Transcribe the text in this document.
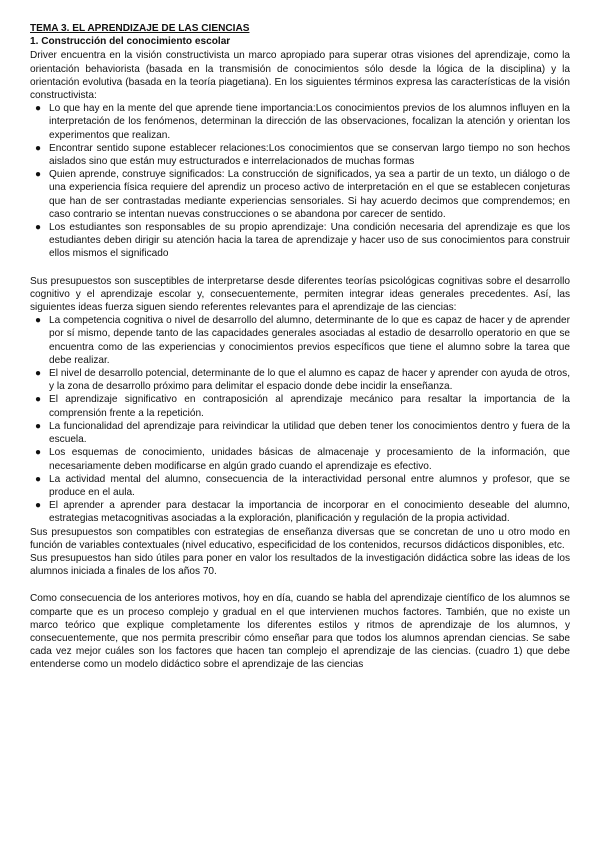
TEMA 3. EL APRENDIZAJE DE LAS CIENCIAS

1. Construcción del conocimiento escolar

Driver encuentra en la visión constructivista un marco apropiado para superar otras visiones del aprendizaje, como la orientación behaviorista (basada en la transmisión de conocimientos sólo desde la lógica de la disciplina) y la orientación evolutiva (basada en la teoría piagetiana). En los siguientes términos expresa las características de la visión constructivista:

● Lo que hay en la mente del que aprende tiene importancia:Los conocimientos previos de los alumnos influyen en la interpretación de los fenómenos, determinan la dirección de las observaciones, focalizan la atención y orientan los experimentos que realizan.
● Encontrar sentido supone establecer relaciones:Los conocimientos que se conservan largo tiempo no son hechos aislados sino que están muy estructurados e interrelacionados de muchas formas
● Quien aprende, construye significados: La construcción de significados, ya sea a partir de un texto, un diálogo o de una experiencia física requiere del aprendiz un proceso activo de interpretación en el que se establecen conjeturas que han de ser contrastadas mediante experiencias sensoriales. Si hay acuerdo decimos que comprendemos; en caso contrario se intentan nuevas construcciones o se abandona por carecer de sentido.
● Los estudiantes son responsables de su propio aprendizaje: Una condición necesaria del aprendizaje es que los estudiantes deben dirigir su atención hacia la tarea de aprendizaje y hacer uso de sus conocimientos para construir ellos mismos el significado

Sus presupuestos son susceptibles de interpretarse desde diferentes teorías psicológicas cognitivas sobre el desarrollo cognitivo y el aprendizaje escolar y, consecuentemente, permiten integrar ideas generales precedentes. Así, las siguientes ideas fuerza siguen siendo referentes relevantes para el aprendizaje de las ciencias:

● La competencia cognitiva o nivel de desarrollo del alumno, determinante de lo que es capaz de hacer y de aprender por sí mismo, depende tanto de las capacidades generales asociadas al estadio de desarrollo operatorio en que se encuentra como de las experiencias y conocimientos previos específicos que tiene el alumno sobre la tarea que debe realizar.
● El nivel de desarrollo potencial, determinante de lo que el alumno es capaz de hacer y aprender con ayuda de otros, y la zona de desarrollo próximo para delimitar el espacio donde debe incidir la enseñanza.
● El aprendizaje significativo en contraposición al aprendizaje mecánico para resaltar la importancia de la comprensión frente a la repetición.
● La funcionalidad del aprendizaje para reivindicar la utilidad que deben tener los conocimientos dentro y fuera de la escuela.
● Los esquemas de conocimiento, unidades básicas de almacenaje y procesamiento de la información, que necesariamente deben modificarse en algún grado cuando el aprendizaje es efectivo.
● La actividad mental del alumno, consecuencia de la interactividad personal entre alumnos y profesor, que se produce en el aula.
● El aprender a aprender para destacar la importancia de incorporar en el conocimiento deseable del alumno, estrategias metacognitivas asociadas a la exploración, planificación y regulación de la propia actividad.

Sus presupuestos son compatibles con estrategias de enseñanza diversas que se concretan de uno u otro modo en función de variables contextuales (nivel educativo, especificidad de los contenidos, recursos didácticos disponibles, etc.

Sus presupuestos han sido útiles para poner en valor los resultados de la investigación didáctica sobre las ideas de los alumnos iniciada a finales de los años 70.

Como consecuencia de los anteriores motivos, hoy en día, cuando se habla del aprendizaje científico de los alumnos se comparte que es un proceso complejo y gradual en el que intervienen muchos factores. También, que no existe un marco teórico que explique completamente los diferentes estilos y ritmos de aprendizaje de los alumnos, y consecuentemente, que nos permita prescribir cómo enseñar para que todos los alumnos aprendan ciencias. Se sabe cada vez mejor cuáles son los factores que hacen tan complejo el aprendizaje de las ciencias. (cuadro 1) que debe entenderse como un modelo didáctico sobre el aprendizaje de las ciencias
